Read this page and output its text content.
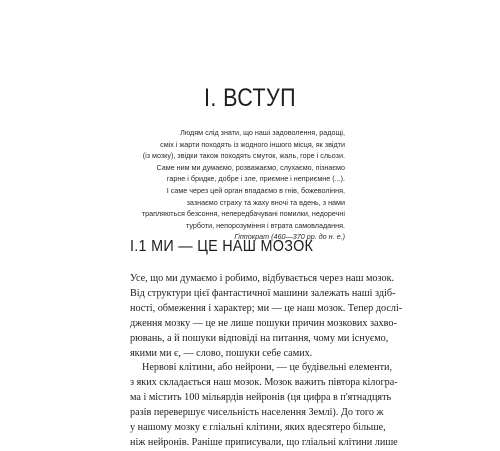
I. ВСТУП
Людям слід знати, що наші задоволення, радощі,
сміх і жарти походять із жодного іншого місця, як звідти
(із мозку), звідки також походять смуток, жаль, горе і сльози.
Саме ним ми думаємо, розважаємо, слухаємо, пізнаємо
гарне і бридке, добре і зле, приємне і неприємне (...).
І саме через цей орган впадаємо в гнів, божевоління,
зазнаємо страху та жаху вночі та вдень, з нами
трапляються безсоння, непередбачувані помилки, недоречні
турботи, непорозуміння і втрата самовладання.
Гіппократ (460—370 рр. до н. е.)
I.1 МИ — ЦЕ НАШ МОЗОК
Усе, що ми думаємо і робимо, відбувається через наш мозок.
Від структури цієї фантастичної машини залежать наші здіб-
ності, обмеження і характер; ми — це наш мозок. Тепер дослі-
дження мозку — це не лише пошуки причин мозкових захво-
рювань, а й пошуки відповіді на питання, чому ми існуємо,
якими ми є, — слово, пошуки себе самих.
Нервові клітини, або нейрони, — це будівельні елементи,
з яких складається наш мозок. Мозок важить півтора кілогра-
ма і містить 100 мільярдів нейронів (ця цифра в п'ятнадцять
разів перевершує чисельність населення Землі). До того ж
у нашому мозку є гліальні клітини, яких вдесятеро більше,
ніж нейронів. Раніше приписували, що гліальні клітини лише
